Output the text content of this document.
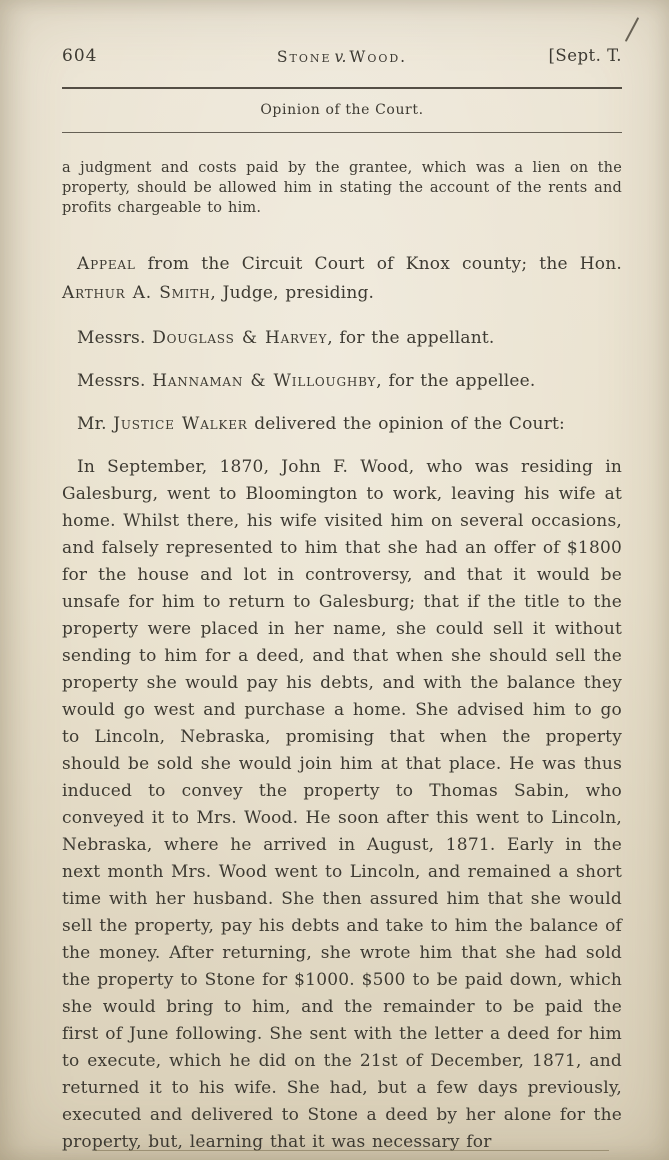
604	Stone v. Wood.	[Sept. T.
Opinion of the Court.

a judgment and costs paid by the grantee, which was a lien on the property, should be allowed him in stating the account of the rents and profits chargeable to him.

Appeal from the Circuit Court of Knox county; the Hon. Arthur A. Smith, Judge, presiding.

Messrs. Douglass & Harvey, for the appellant.

Messrs. Hannaman & Willoughby, for the appellee.

Mr. Justice Walker delivered the opinion of the Court:

In September, 1870, John F. Wood, who was residing in Galesburg, went to Bloomington to work, leaving his wife at home. Whilst there, his wife visited him on several occasions, and falsely represented to him that she had an offer of $1800 for the house and lot in controversy, and that it would be unsafe for him to return to Galesburg; that if the title to the property were placed in her name, she could sell it without sending to him for a deed, and that when she should sell the property she would pay his debts, and with the balance they would go west and purchase a home. She advised him to go to Lincoln, Nebraska, promising that when the property should be sold she would join him at that place. He was thus induced to convey the property to Thomas Sabin, who conveyed it to Mrs. Wood. He soon after this went to Lincoln, Nebraska, where he arrived in August, 1871. Early in the next month Mrs. Wood went to Lincoln, and remained a short time with her husband. She then assured him that she would sell the property, pay his debts and take to him the balance of the money. After returning, she wrote him that she had sold the property to Stone for $1000. $500 to be paid down, which she would bring to him, and the remainder to be paid the first of June following. She sent with the letter a deed for him to execute, which he did on the 21st of December, 1871, and returned it to his wife. She had, but a few days previously, executed and delivered to Stone a deed by her alone for the property, but, learning that it was necessary for
